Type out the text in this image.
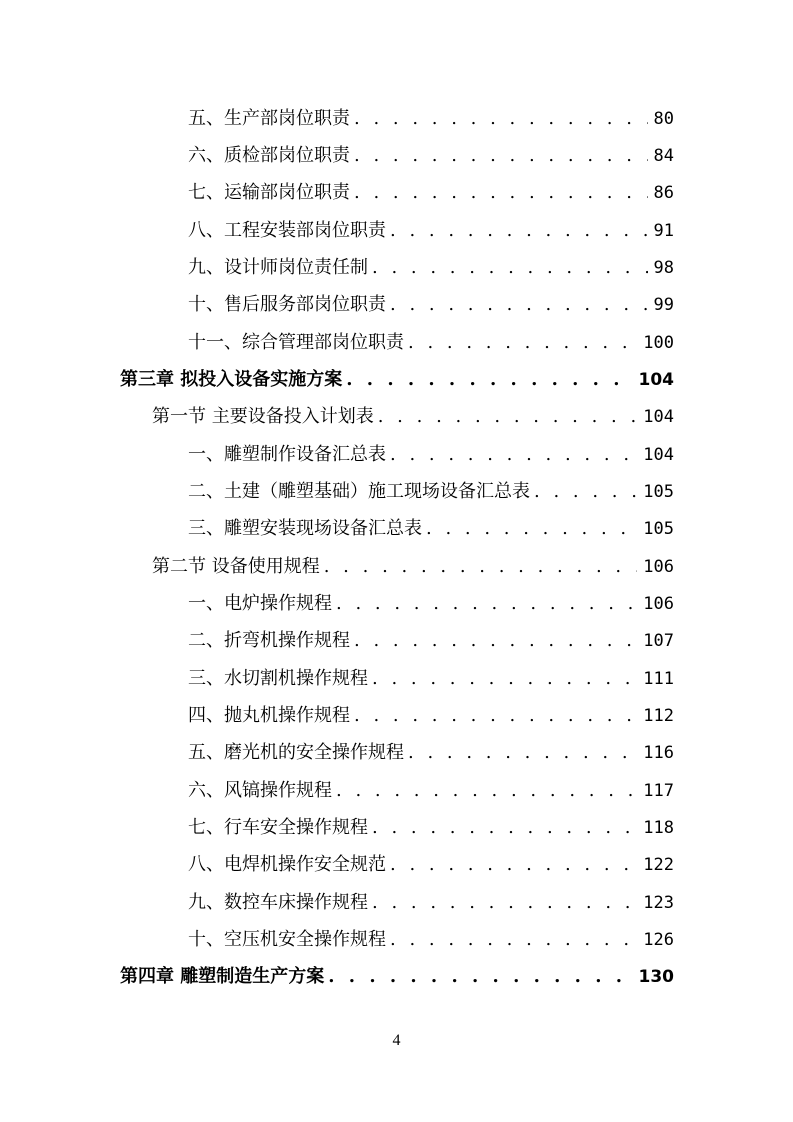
五、生产部岗位职责 . . .	80
六、质检部岗位职责 . . .	84
七、运输部岗位职责 . . .	86
八、工程安装部岗位职责 . . .	91
九、设计师岗位责任制 . . .	98
十、售后服务部岗位职责 . . .	99
十一、综合管理部岗位职责 . . .	100
第三章 拟投入设备实施方案 . . .	104
第一节 主要设备投入计划表 . . .	104
一、雕塑制作设备汇总表 . . .	104
二、土建（雕塑基础）施工现场设备汇总表 . . .	105
三、雕塑安装现场设备汇总表 . . .	105
第二节 设备使用规程 . . .	106
一、电炉操作规程 . . .	106
二、折弯机操作规程 . . .	107
三、水切割机操作规程 . . .	111
四、抛丸机操作规程 . . .	112
五、磨光机的安全操作规程 . . .	116
六、风镐操作规程 . . .	117
七、行车安全操作规程 . . .	118
八、电焊机操作安全规范 . . .	122
九、数控车床操作规程 . . .	123
十、空压机安全操作规程 . . .	126
第四章 雕塑制造生产方案 . . .	130
4
